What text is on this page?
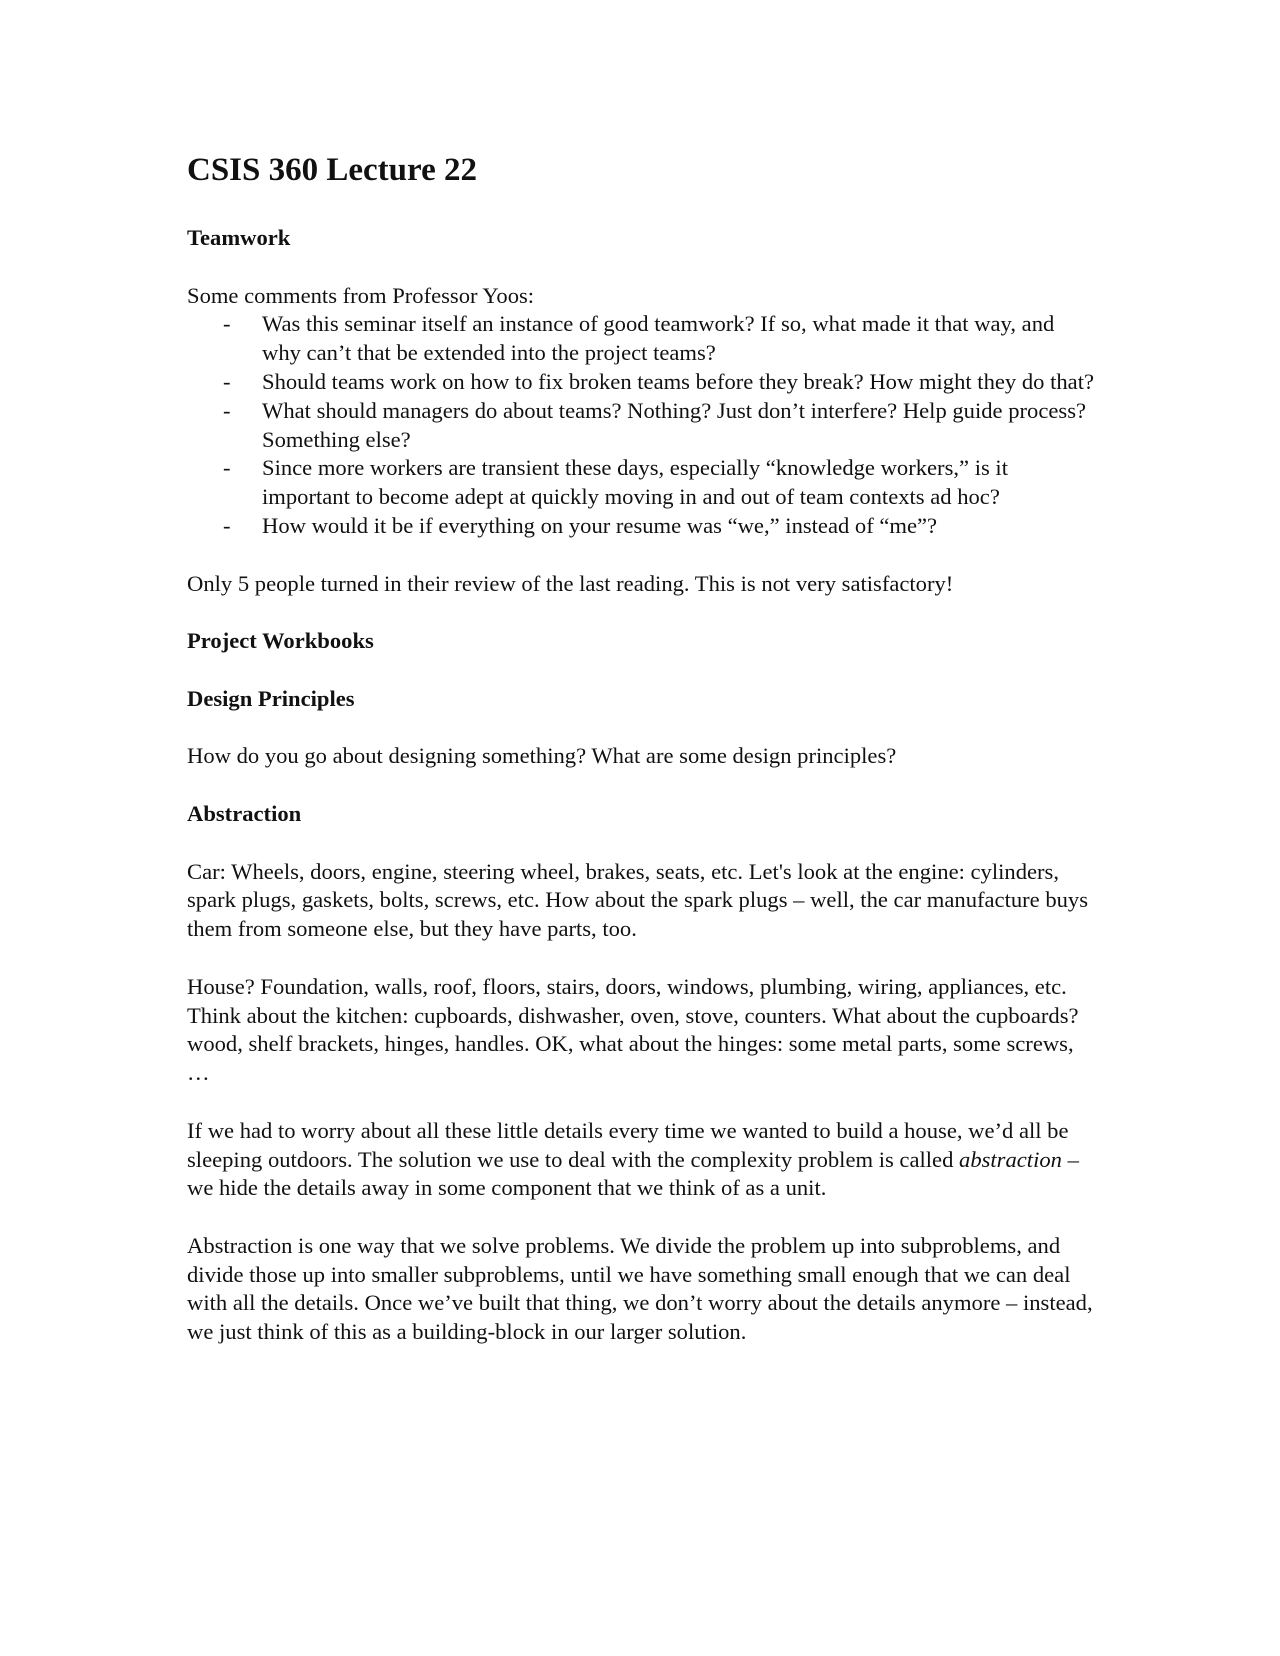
CSIS 360 Lecture 22
Teamwork

Some comments from Professor Yoos:

- Was this seminar itself an instance of good teamwork? If so, what made it that way, and why can’t that be extended into the project teams?
- Should teams work on how to fix broken teams before they break? How might they do that?
- What should managers do about teams? Nothing? Just don’t interfere? Help guide process? Something else?
- Since more workers are transient these days, especially “knowledge workers,” is it important to become adept at quickly moving in and out of team contexts ad hoc?
- How would it be if everything on your resume was “we,” instead of “me”?

Only 5 people turned in their review of the last reading. This is not very satisfactory!

Project Workbooks
Design Principles

How do you go about designing something? What are some design principles?

Abstraction

Car: Wheels, doors, engine, steering wheel, brakes, seats, etc. Let's look at the engine: cylinders, spark plugs, gaskets, bolts, screws, etc. How about the spark plugs – well, the car manufacture buys them from someone else, but they have parts, too.

House? Foundation, walls, roof, floors, stairs, doors, windows, plumbing, wiring, appliances, etc. Think about the kitchen: cupboards, dishwasher, oven, stove, counters. What about the cupboards? wood, shelf brackets, hinges, handles. OK, what about the hinges: some metal parts, some screws, …

If we had to worry about all these little details every time we wanted to build a house, we’d all be sleeping outdoors. The solution we use to deal with the complexity problem is called abstraction – we hide the details away in some component that we think of as a unit.

Abstraction is one way that we solve problems. We divide the problem up into subproblems, and divide those up into smaller subproblems, until we have something small enough that we can deal with all the details. Once we’ve built that thing, we don’t worry about the details anymore – instead, we just think of this as a building-block in our larger solution.
